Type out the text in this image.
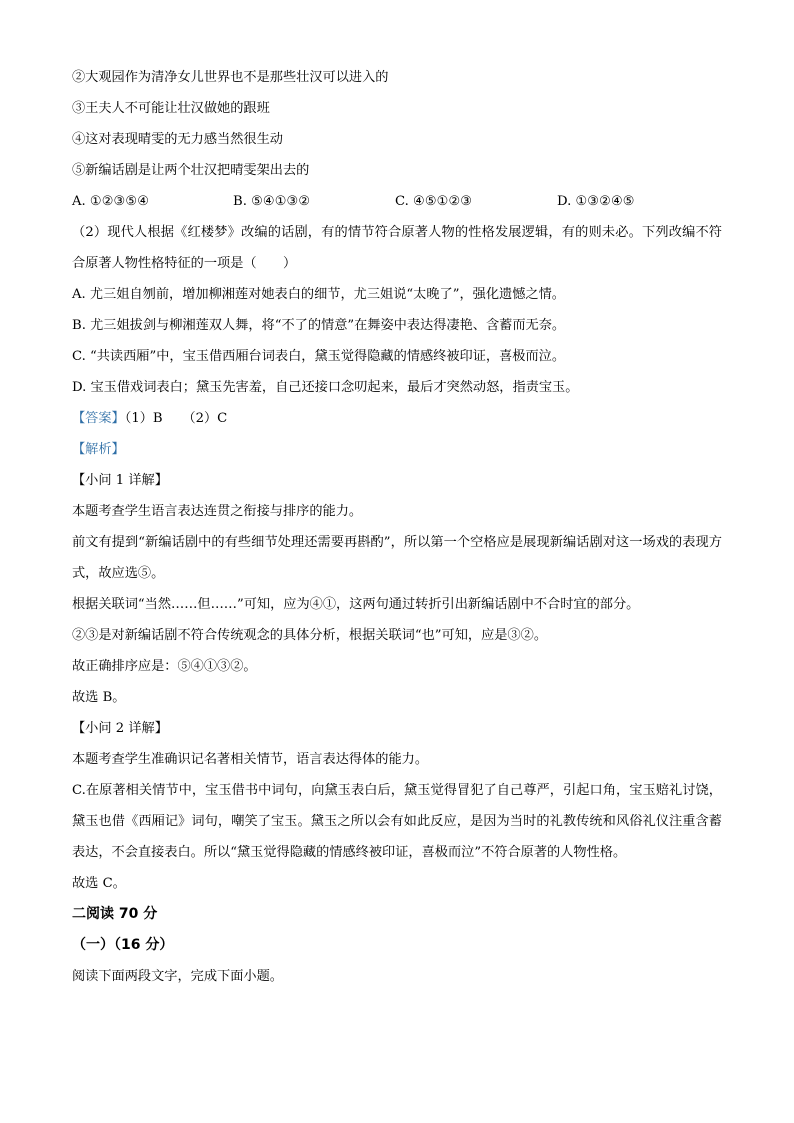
②大观园作为清净女儿世界也不是那些壮汉可以进入的
③王夫人不可能让壮汉做她的跟班
④这对表现晴雯的无力感当然很生动
⑤新编话剧是让两个壮汉把晴雯架出去的
A. ①②③⑤④	B. ⑤④①③②	C. ④⑤①②③	D. ①③②④⑤
（2）现代人根据《红楼梦》改编的话剧，有的情节符合原著人物的性格发展逻辑，有的则未必。下列改编不符合原著人物性格特征的一项是（　　）
A. 尤三姐自刎前，增加柳湘莲对她表白的细节，尤三姐说“太晚了”，强化遗憾之情。
B. 尤三姐拔剑与柳湘莲双人舞，将“不了的情意”在舞姿中表达得凄艳、含蓄而无奈。
C. “共读西厢”中，宝玉借西厢台词表白，黛玉觉得隐藏的情感终被印证，喜极而泣。
D. 宝玉借戏词表白；黛玉先害羞，自己还接口念叨起来，最后才突然动怒，指责宝玉。
【答案】（1）B　　（2）C
【解析】
【小问 1 详解】
本题考查学生语言表达连贯之衔接与排序的能力。
前文有提到“新编话剧中的有些细节处理还需要再斟酌”，所以第一个空格应是展现新编话剧对这一场戏的表现方式，故应选⑤。
根据关联词“当然……但……”可知，应为④①，这两句通过转折引出新编话剧中不合时宜的部分。
②③是对新编话剧不符合传统观念的具体分析，根据关联词“也”可知，应是③②。
故正确排序应是：⑤④①③②。
故选 B。
【小问 2 详解】
本题考查学生准确识记名著相关情节，语言表达得体的能力。
C.在原著相关情节中，宝玉借书中词句，向黛玉表白后，黛玉觉得冒犯了自己尊严，引起口角，宝玉赔礼讨饶，黛玉也借《西厢记》词句，嘲笑了宝玉。黛玉之所以会有如此反应，是因为当时的礼教传统和风俗礼仪注重含蓄表达，不会直接表白。所以“黛玉觉得隐藏的情感终被印证，喜极而泣”不符合原著的人物性格。
故选 C。
二阅读 70 分
（一）（16 分）
阅读下面两段文字，完成下面小题。
